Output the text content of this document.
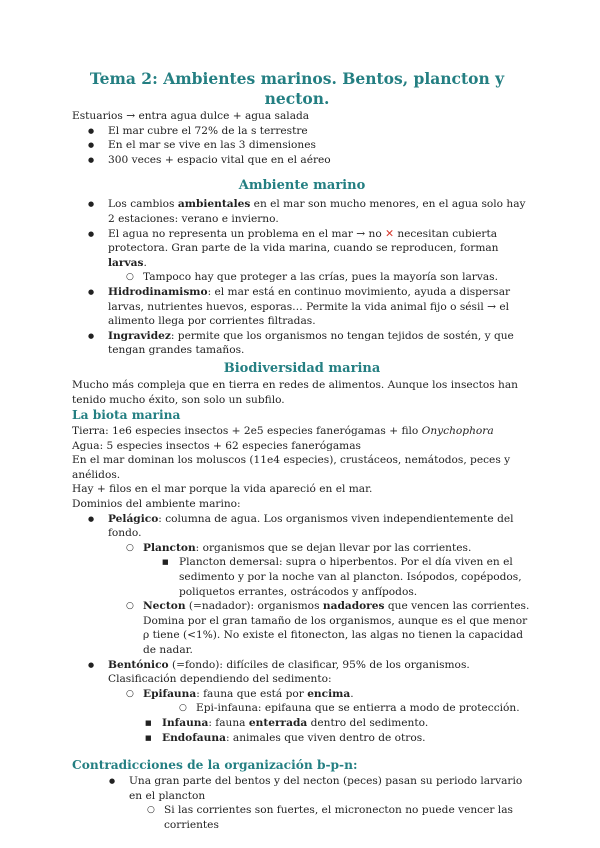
Tema 2: Ambientes marinos. Bentos, plancton y necton.

Estuarios → entra agua dulce + agua salada

● El mar cubre el 72% de la s terrestre
● En el mar se vive en las 3 dimensiones
● 300 veces + espacio vital que en el aéreo
Ambiente marino
● Los cambios ambientales en el mar son mucho menores, en el agua solo hay 2 estaciones: verano e invierno.
● El agua no representa un problema en el mar → no ✕ necesitan cubierta protectora. Gran parte de la vida marina, cuando se reproducen, forman larvas.
○ Tampoco hay que proteger a las crías, pues la mayoría son larvas.
● Hidrodinamismo: el mar está en continuo movimiento, ayuda a dispersar larvas, nutrientes huevos, esporas… Permite la vida animal fijo o sésil → el alimento llega por corrientes filtradas.
● Ingravidez: permite que los organismos no tengan tejidos de sostén, y que tengan grandes tamaños.
Biodiversidad marina

Mucho más compleja que en tierra en redes de alimentos. Aunque los insectos han tenido mucho éxito, son solo un subfilo.

La biota marina

Tierra: 1e6 especies insectos + 2e5 especies fanerógamas + filo Onychophora

Agua: 5 especies insectos + 62 especies fanerógamas

En el mar dominan los moluscos (11e4 especies), crustáceos, nemátodos, peces y anélidos.

Hay + filos en el mar porque la vida apareció en el mar.

Dominios del ambiente marino:

● Pelágico: columna de agua. Los organismos viven independientemente del fondo.
○ Plancton: organismos que se dejan llevar por las corrientes.
■ Plancton demersal: supra o hiperbentos. Por el día viven en el sedimento y por la noche van al plancton. Isópodos, copépodos, poliquetos errantes, ostrácodos y anfípodos.
○ Necton (=nadador): organismos nadadores que vencen las corrientes. Domina por el gran tamaño de los organismos, aunque es el que menor ρ tiene (<1%). No existe el fitonecton, las algas no tienen la capacidad de nadar.
● Bentónico (=fondo): difíciles de clasificar, 95% de los organismos. Clasificación dependiendo del sedimento:
○ Epifauna: fauna que está por encima.
○ Epi-infauna: epifauna que se entierra a modo de protección.
■ Infauna: fauna enterrada dentro del sedimento.
■ Endofauna: animales que viven dentro de otros.
Contradicciones de la organización b-p-n:
● Una gran parte del bentos y del necton (peces) pasan su periodo larvario en el plancton
○ Si las corrientes son fuertes, el micronecton no puede vencer las corrientes
